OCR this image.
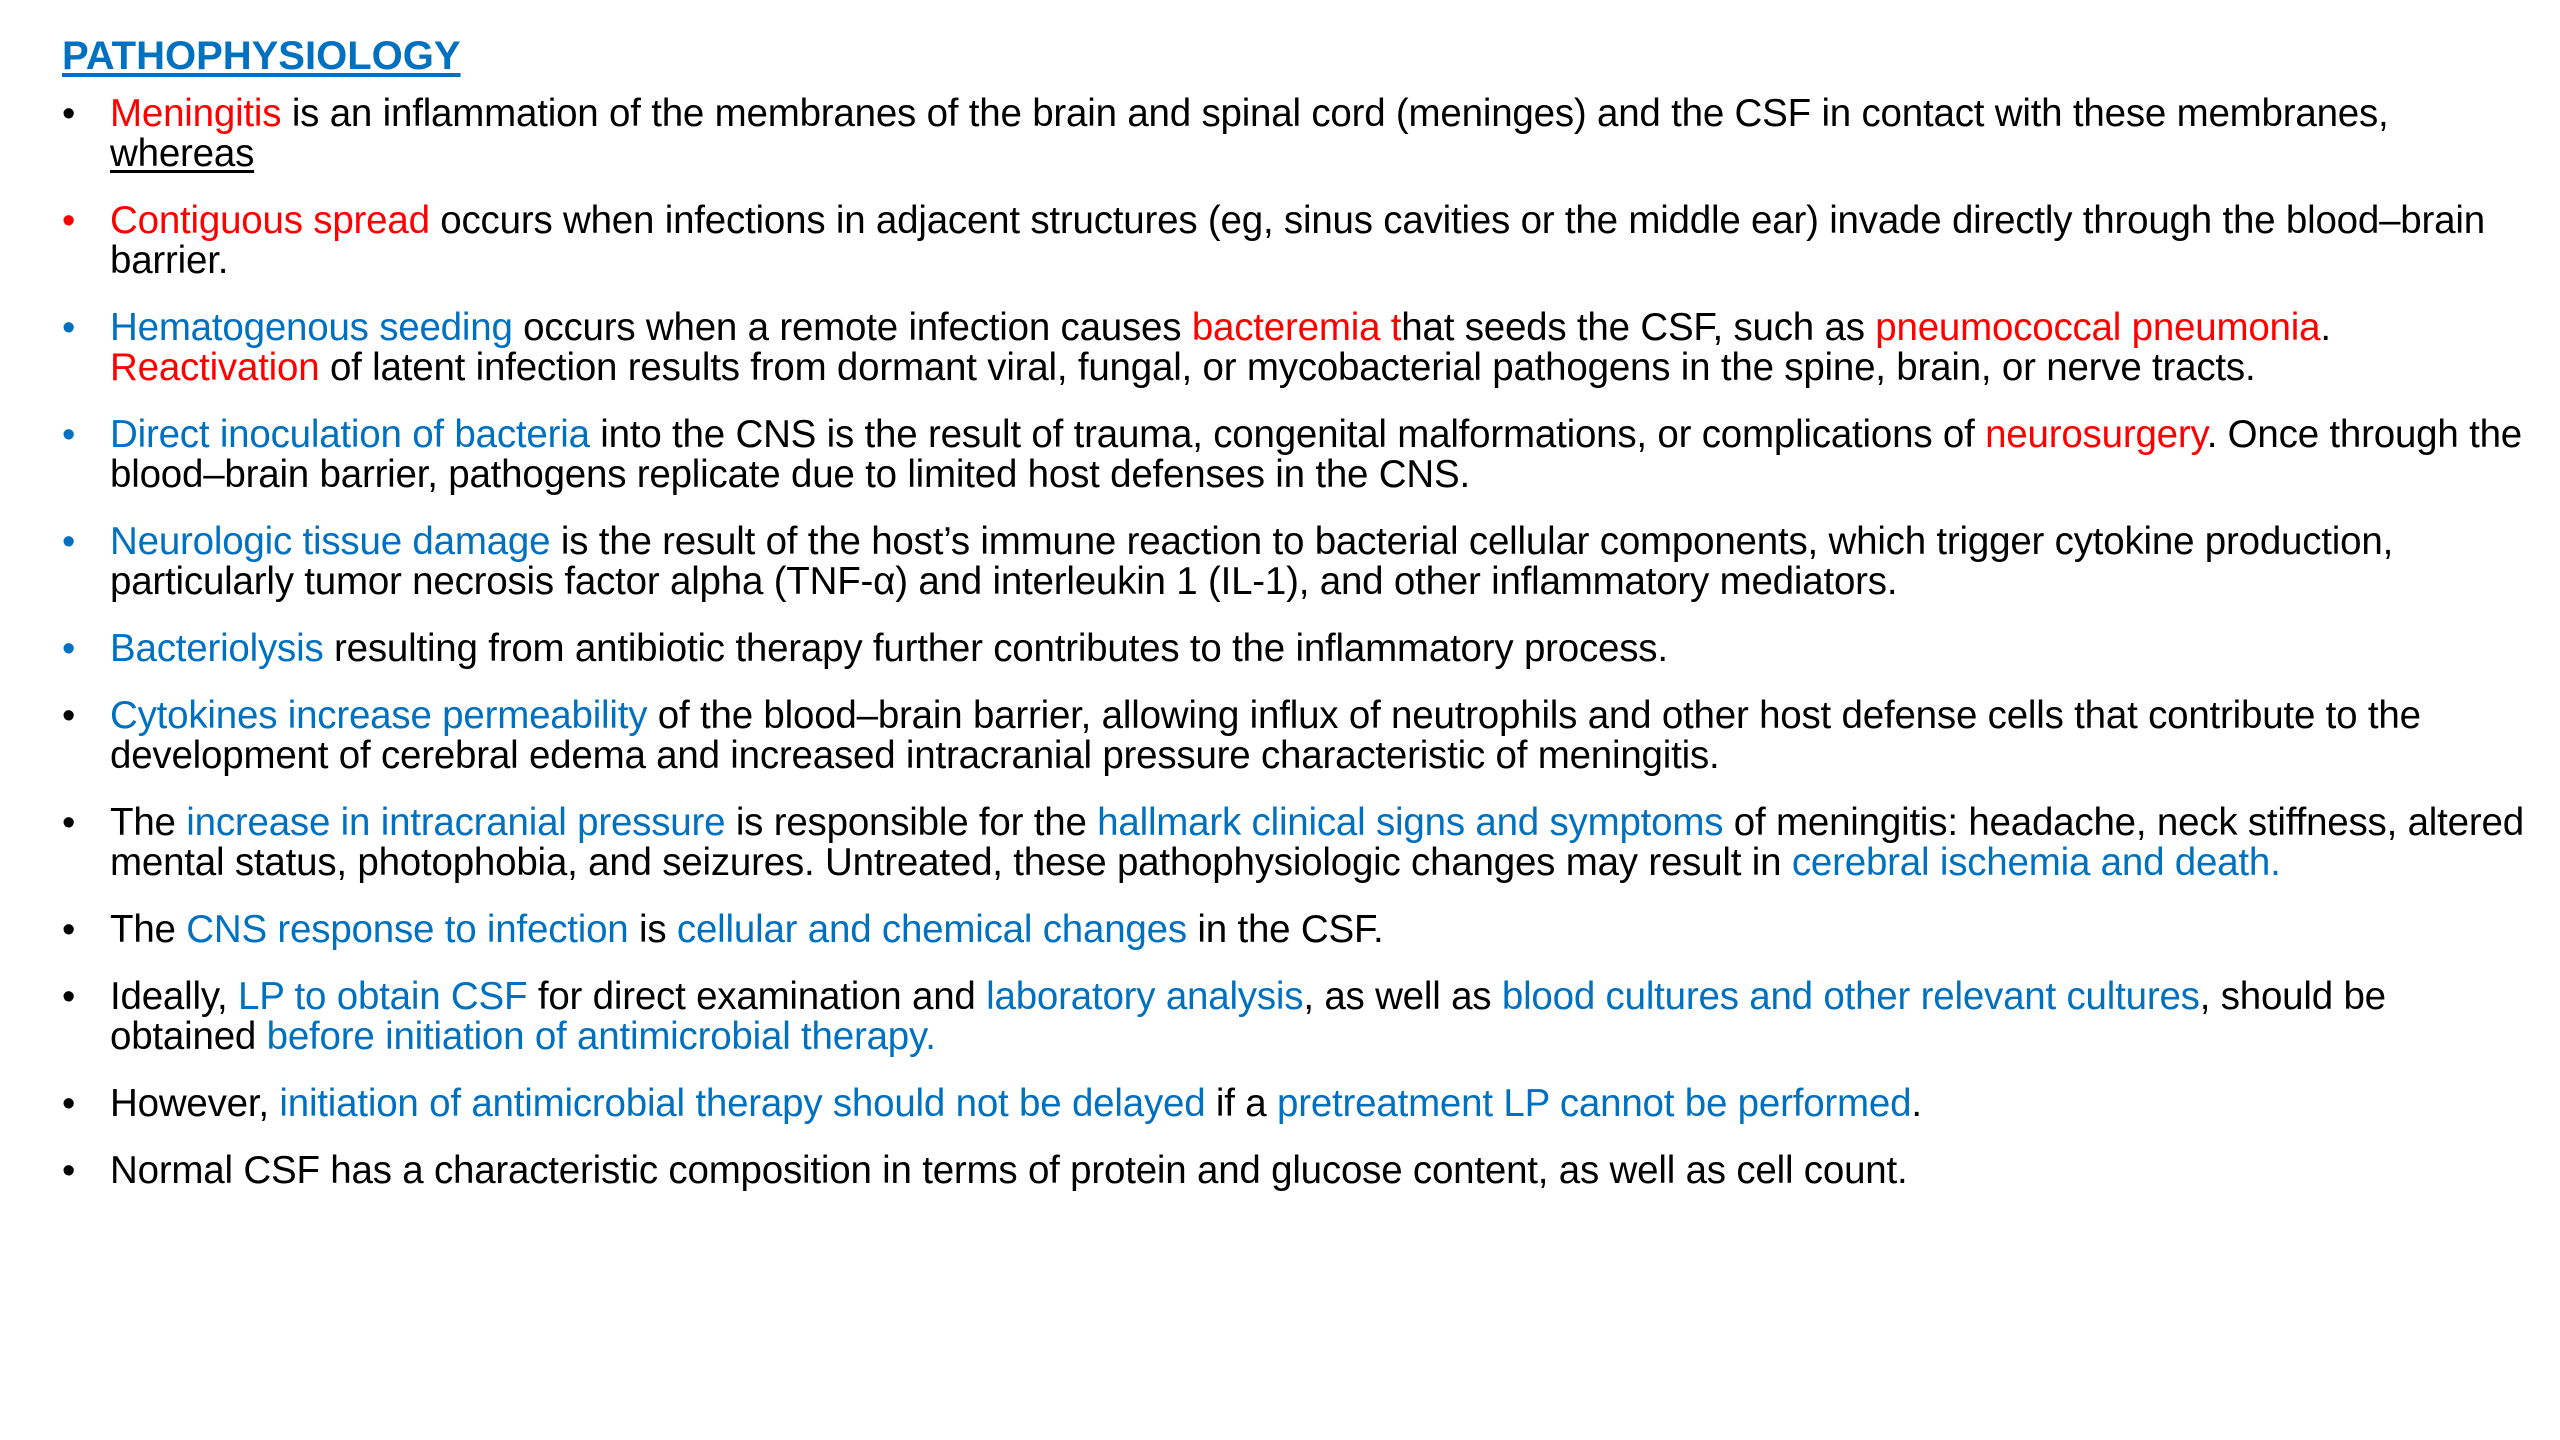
PATHOPHYSIOLOGY
• Meningitis is an inflammation of the membranes of the brain and spinal cord (meninges) and the CSF in contact with these membranes, whereas
• Contiguous spread occurs when infections in adjacent structures (eg, sinus cavities or the middle ear) invade directly through the blood–brain barrier.
• Hematogenous seeding occurs when a remote infection causes bacteremia that seeds the CSF, such as pneumococcal pneumonia. Reactivation of latent infection results from dormant viral, fungal, or mycobacterial pathogens in the spine, brain, or nerve tracts.
• Direct inoculation of bacteria into the CNS is the result of trauma, congenital malformations, or complications of neurosurgery. Once through the blood–brain barrier, pathogens replicate due to limited host defenses in the CNS.
• Neurologic tissue damage is the result of the host’s immune reaction to bacterial cellular components, which trigger cytokine production, particularly tumor necrosis factor alpha (TNF-α) and interleukin 1 (IL-1), and other inflammatory mediators.
• Bacteriolysis resulting from antibiotic therapy further contributes to the inflammatory process.
• Cytokines increase permeability of the blood–brain barrier, allowing influx of neutrophils and other host defense cells that contribute to the development of cerebral edema and increased intracranial pressure characteristic of meningitis.
• The increase in intracranial pressure is responsible for the hallmark clinical signs and symptoms of meningitis: headache, neck stiffness, altered mental status, photophobia, and seizures. Untreated, these pathophysiologic changes may result in cerebral ischemia and death.
• The CNS response to infection is cellular and chemical changes in the CSF.
• Ideally, LP to obtain CSF for direct examination and laboratory analysis, as well as blood cultures and other relevant cultures, should be obtained before initiation of antimicrobial therapy.
• However, initiation of antimicrobial therapy should not be delayed if a pretreatment LP cannot be performed.
• Normal CSF has a characteristic composition in terms of protein and glucose content, as well as cell count.
